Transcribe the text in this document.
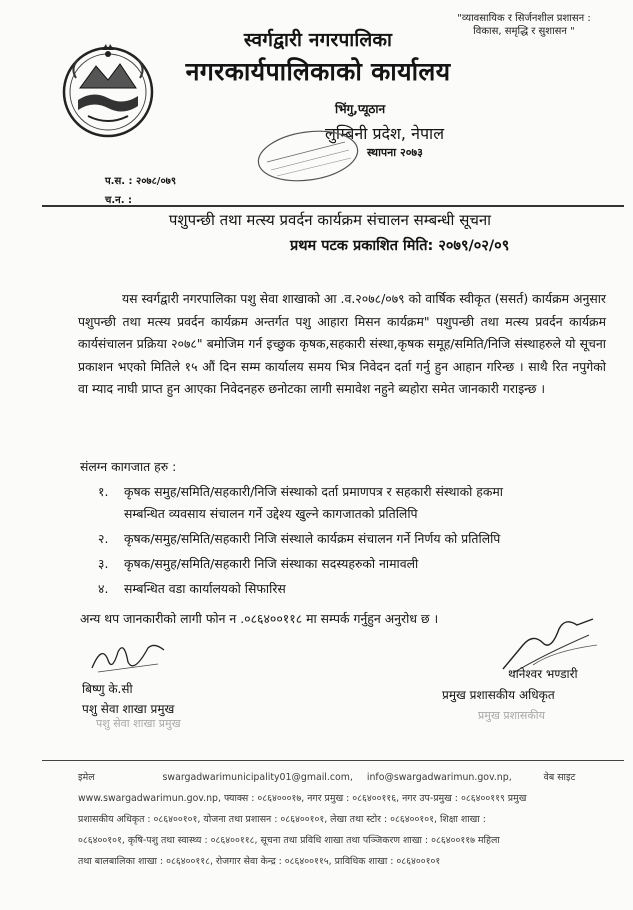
"व्यावसायिक र सिर्जनशील प्रशासन :
विकास, समृद्धि र सुशासन "
स्वर्गद्वारी नगरपालिका
नगरकार्यपालिकाको कार्यालय
भिंगु,प्यूठान
लुम्बिनी प्रदेश, नेपाल
स्थापना २०७३
प.स. : २०७८/०७९
च.न. :
पशुपन्छी तथा मत्स्य प्रवर्दन कार्यक्रम संचालन सम्बन्धी सूचना
प्रथम पटक प्रकाशित मिति: २०७९/०२/०९

यस स्वर्गद्वारी नगरपालिका पशु सेवा शाखाको आ .व.२०७८/०७९ को वार्षिक स्वीकृत (ससर्त) कार्यक्रम अनुसार पशुपन्छी तथा मत्स्य प्रवर्दन कार्यक्रम अन्तर्गत पशु आहारा मिसन कार्यक्रम" पशुपन्छी तथा मत्स्य प्रवर्दन कार्यक्रम कार्यसंचालन प्रक्रिया २०७८" बमोजिम गर्न इच्छुक कृषक,सहकारी संस्था,कृषक समूह/समिति/निजि संस्थाहरुले यो सूचना प्रकाशन भएको मितिले १५ औं दिन सम्म कार्यालय समय भित्र निवेदन दर्ता गर्नु हुन आहान गरिन्छ । साथै रित नपुगेको वा म्याद नाघी प्राप्त हुन आएका निवेदनहरु छनोटका लागी समावेश नहुने ब्यहोरा समेत जानकारी गराइन्छ ।

संलग्न कागजात हरु :
१. कृषक समुह/समिति/सहकारी/निजि संस्थाको दर्ता प्रमाणपत्र र सहकारी संस्थाको हकमा
सम्बन्धित व्यवसाय संचालन गर्ने उद्देश्य खुल्ने कागजातको प्रतिलिपि
२. कृषक/समुह/समिति/सहकारी निजि संस्थाले कार्यक्रम संचालन गर्ने निर्णय को प्रतिलिपि
३. कृषक/समुह/समिति/सहकारी निजि संस्थाका सदस्यहरुको नामावली
४. सम्बन्धित वडा कार्यालयको सिफारिस
अन्य थप जानकारीको लागी फोन न .०८६४००११८ मा सम्पर्क गर्नुहुन अनुरोध छ ।
बिष्णु के.सी
पशु सेवा शाखा प्रमुख
पशु सेवा शाखा प्रमुख
थानेश्वर भण्डारी
प्रमुख प्रशासकीय अधिकृत
प्रमुख प्रशासकीय
इमेल	swargadwarimunicipality01@gmail.com, info@swargadwarimun.gov.np,	वेब साइट
www.swargadwarimun.gov.np, फ्याक्स : ०८६४०००१७, नगर प्रमुख : ०८६४००११६, नगर उप-प्रमुख : ०८६४००११९ प्रमुख
प्रशासकीय अधिकृत : ०८६४००१०१, योजना तथा प्रशासन : ०८६४००१०१, लेखा तथा स्टोर : ०८६४००१०१, शिक्षा शाखा :
०८६४००१०१, कृषि-पशु तथा स्वास्थ्य : ०८६४००११८, सूचना तथा प्रविधि शाखा तथा पञ्जिकरण शाखा : ०८६४००११७ महिला
तथा बालबालिका शाखा : ०८६४००११८, रोजगार सेवा केन्द्र : ०८६४००११५, प्राविधिक शाखा : ०८६४००१०१
